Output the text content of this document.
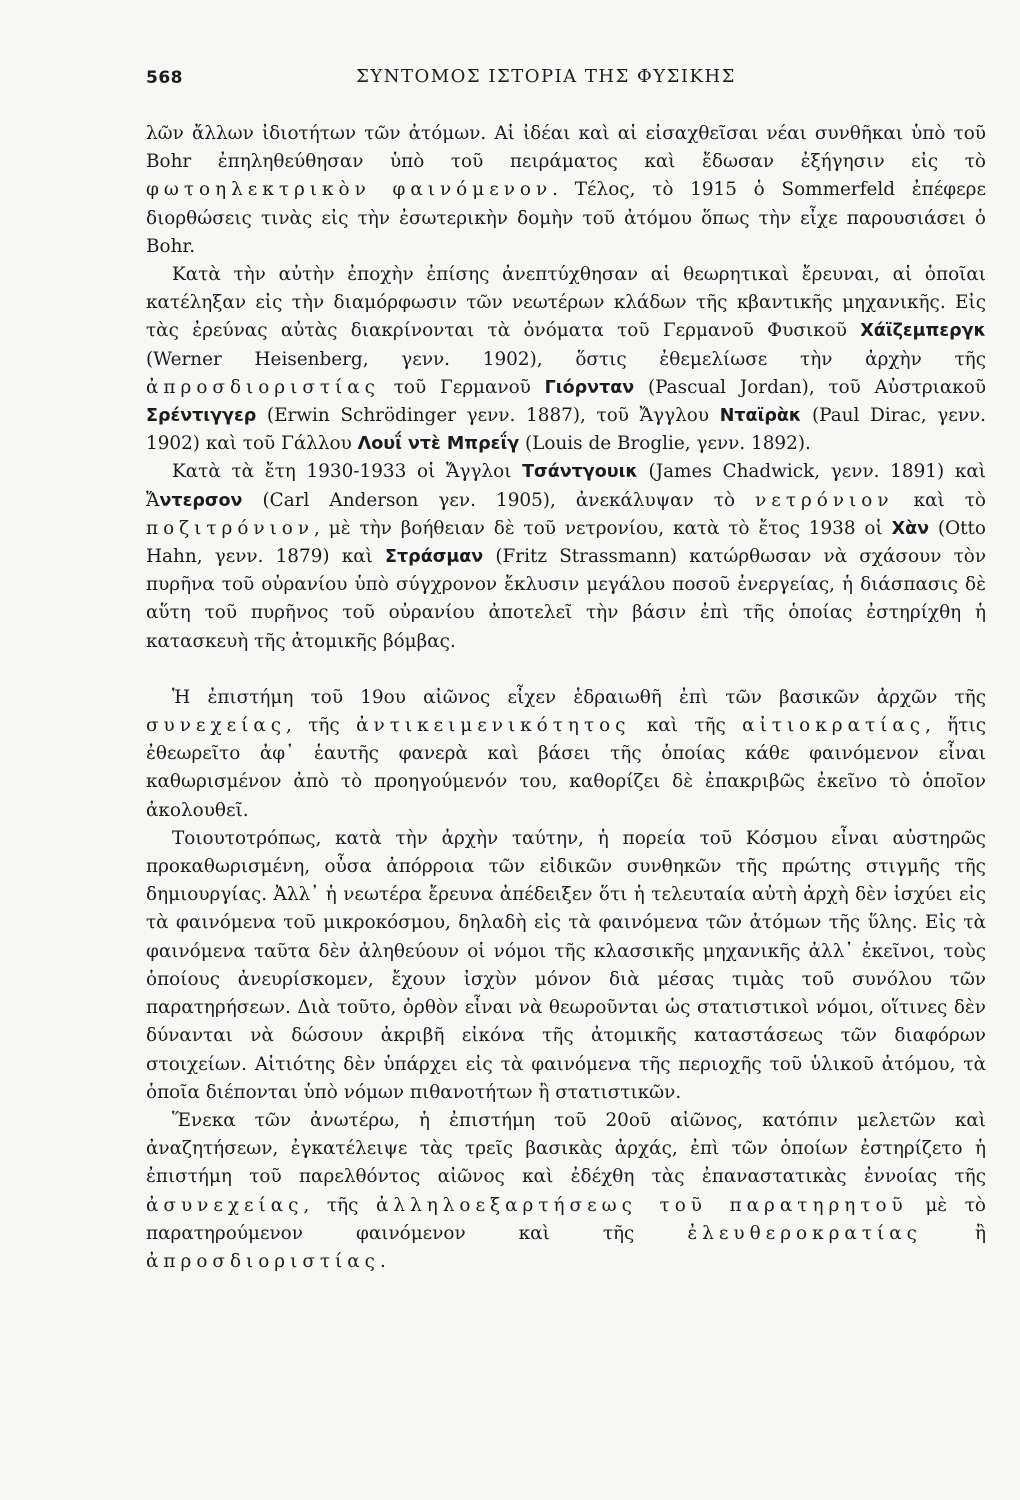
568	ΣΥΝΤΟΜΟΣ ΙΣΤΟΡΙΑ ΤΗΣ ΦΥΣΙΚΗΣ

λῶν ἄλλων ἰδιοτήτων τῶν ἀτόμων. Αἱ ἰδέαι καὶ αἱ εἰσαχθεῖσαι νέαι συνθῆκαι ὑπὸ τοῦ Bohr ἐπηληθεύθησαν ὑπὸ τοῦ πειράματος καὶ ἔδωσαν ἐξήγησιν εἰς τὸ φωτοηλεκτρικὸν φαινόμενον. Τέλος, τὸ 1915 ὁ Sommerfeld ἐπέφερε διορθώσεις τινὰς εἰς τὴν ἐσωτερικὴν δομὴν τοῦ ἀτόμου ὅπως τὴν εἶχε παρουσιάσει ὁ Bohr.

Κατὰ τὴν αὐτὴν ἐποχὴν ἐπίσης ἀνεπτύχθησαν αἱ θεωρητικαὶ ἔρευναι, αἱ ὁποῖαι κατέληξαν εἰς τὴν διαμόρφωσιν τῶν νεωτέρων κλάδων τῆς κβαντικῆς μηχανικῆς. Εἰς τὰς ἐρεύνας αὐτὰς διακρίνονται τὰ ὀνόματα τοῦ Γερμανοῦ Φυσικοῦ Χάϊζεμπεργκ (Werner Heisenberg, γενν. 1902), ὅστις ἐθεμελίωσε τὴν ἀρχὴν τῆς ἀπροσδιοριστίας τοῦ Γερμανοῦ Γιόρνταν (Pascual Jordan), τοῦ Αὐστριακοῦ Σρέντιγγερ (Erwin Schrödinger γενν. 1887), τοῦ Ἄγγλου Νταϊρὰκ (Paul Dirac, γενν. 1902) καὶ τοῦ Γάλλου Λουΐ ντὲ Μπρεΐγ (Louis de Broglie, γενν. 1892).

Κατὰ τὰ ἔτη 1930-1933 οἱ Ἄγγλοι Τσάντγουικ (James Chadwick, γενν. 1891) καὶ Ἄντερσον (Carl Anderson γεν. 1905), ἀνεκάλυψαν τὸ νετρόνιον καὶ τὸ ποζιτρόνιον, μὲ τὴν βοήθειαν δὲ τοῦ νετρονίου, κατὰ τὸ ἔτος 1938 οἱ Χὰν (Otto Hahn, γενν. 1879) καὶ Στράσμαν (Fritz Strassmann) κατώρθωσαν νὰ σχάσουν τὸν πυρῆνα τοῦ οὐρανίου ὑπὸ σύγχρονον ἔκλυσιν μεγάλου ποσοῦ ἐνεργείας, ἡ διάσπασις δὲ αὕτη τοῦ πυρῆνος τοῦ οὐρανίου ἀποτελεῖ τὴν βάσιν ἐπὶ τῆς ὁποίας ἐστηρίχθη ἡ κατασκευὴ τῆς ἀτομικῆς βόμβας.

Ἡ ἐπιστήμη τοῦ 19ου αἰῶνος εἶχεν ἑδραιωθῆ ἐπὶ τῶν βασικῶν ἀρχῶν τῆς συνεχείας, τῆς ἀντικειμενικότητος καὶ τῆς αἰτιοκρατίας, ἥτις ἐθεωρεῖτο ἀφ᾽ ἑαυτῆς φανερὰ καὶ βάσει τῆς ὁποίας κάθε φαινόμενον εἶναι καθωρισμένον ἀπὸ τὸ προηγούμενόν του, καθορίζει δὲ ἐπακριβῶς ἐκεῖνο τὸ ὁποῖον ἀκολουθεῖ.

Τοιουτοτρόπως, κατὰ τὴν ἀρχὴν ταύτην, ἡ πορεία τοῦ Κόσμου εἶναι αὐστηρῶς προκαθωρισμένη, οὖσα ἀπόρροια τῶν εἰδικῶν συνθηκῶν τῆς πρώτης στιγμῆς τῆς δημιουργίας. Ἀλλ᾽ ἡ νεωτέρα ἔρευνα ἀπέδειξεν ὅτι ἡ τελευταία αὐτὴ ἀρχὴ δὲν ἰσχύει εἰς τὰ φαινόμενα τοῦ μικροκόσμου, δηλαδὴ εἰς τὰ φαινόμενα τῶν ἀτόμων τῆς ὕλης. Εἰς τὰ φαινόμενα ταῦτα δὲν ἀληθεύουν οἱ νόμοι τῆς κλασσικῆς μηχανικῆς ἀλλ᾽ ἐκεῖνοι, τοὺς ὁποίους ἀνευρίσκομεν, ἔχουν ἰσχὺν μόνον διὰ μέσας τιμὰς τοῦ συνόλου τῶν παρατηρήσεων. Διὰ τοῦτο, ὀρθὸν εἶναι νὰ θεωροῦνται ὡς στατιστικοὶ νόμοι, οἵτινες δὲν δύνανται νὰ δώσουν ἀκριβῆ εἰκόνα τῆς ἀτομικῆς καταστάσεως τῶν διαφόρων στοιχείων. Αἰτιότης δὲν ὑπάρχει εἰς τὰ φαινόμενα τῆς περιοχῆς τοῦ ὑλικοῦ ἀτόμου, τὰ ὁποῖα διέπονται ὑπὸ νόμων πιθανοτήτων ἢ στατιστικῶν.

Ἕνεκα τῶν ἀνωτέρω, ἡ ἐπιστήμη τοῦ 20οῦ αἰῶνος, κατόπιν μελετῶν καὶ ἀναζητήσεων, ἐγκατέλειψε τὰς τρεῖς βασικὰς ἀρχάς, ἐπὶ τῶν ὁποίων ἐστηρίζετο ἡ ἐπιστήμη τοῦ παρελθόντος αἰῶνος καὶ ἐδέχθη τὰς ἐπαναστατικὰς ἐννοίας τῆς ἀσυνεχείας, τῆς ἀλληλοεξαρτήσεως τοῦ παρατηρητοῦ μὲ τὸ παρατηρούμενον φαινόμενον καὶ τῆς ἐλευθεροκρατίας ἢ ἀπροσδιοριστίας.
